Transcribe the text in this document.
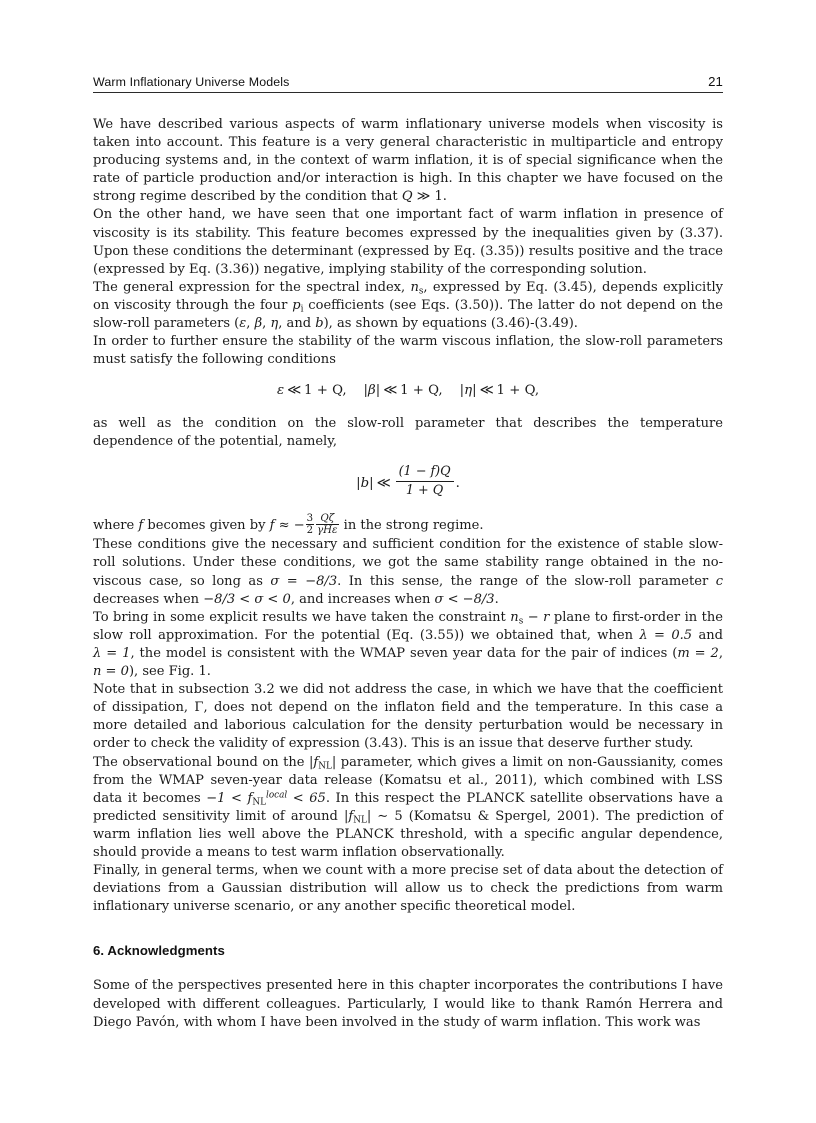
Warm Inflationary Universe Models	21

We have described various aspects of warm inflationary universe models when viscosity is taken into account. This feature is a very general characteristic in multiparticle and entropy producing systems and, in the context of warm inflation, it is of special significance when the rate of particle production and/or interaction is high. In this chapter we have focused on the strong regime described by the condition that Q ≫ 1.

On the other hand, we have seen that one important fact of warm inflation in presence of viscosity is its stability. This feature becomes expressed by the inequalities given by (3.37). Upon these conditions the determinant (expressed by Eq. (3.35)) results positive and the trace (expressed by Eq. (3.36)) negative, implying stability of the corresponding solution.

The general expression for the spectral index, $n_s$, expressed by Eq. (3.45), depends explicitly on viscosity through the four $p_i$ coefficients (see Eqs. (3.50)). The latter do not depend on the slow-roll parameters (ε, β, η, and b), as shown by equations (3.46)-(3.49).

In order to further ensure the stability of the warm viscous inflation, the slow-roll parameters must satisfy the following conditions

ε ≪ 1 + Q, |β| ≪ 1 + Q, |η| ≪ 1 + Q,

as well as the condition on the slow-roll parameter that describes the temperature dependence of the potential, namely,

|b| ≪ $\frac{(1 - f)Q}{1 + Q}$ .

where f becomes given by f ≈ − $\frac{3}{2} \frac{Q\zeta}{\text{γHε}}$ in the strong regime.

These conditions give the necessary and sufficient condition for the existence of stable slow-roll solutions. Under these conditions, we got the same stability range obtained in the no-viscous case, so long as σ = −8/3. In this sense, the range of the slow-roll parameter c decreases when −8/3 < σ < 0, and increases when σ < −8/3.

To bring in some explicit results we have taken the constraint $n_s - r$ plane to first-order in the slow roll approximation. For the potential (Eq. (3.55)) we obtained that, when λ = 0.5 and λ = 1, the model is consistent with the WMAP seven year data for the pair of indices (m = 2, n = 0), see Fig. 1.

Note that in subsection 3.2 we did not address the case, in which we have that the coefficient of dissipation, Γ, does not depend on the inflaton field and the temperature. In this case a more detailed and laborious calculation for the density perturbation would be necessary in order to check the validity of expression (3.43). This is an issue that deserve further study.

The observational bound on the $|f_{NL}|$ parameter, which gives a limit on non-Gaussianity, comes from the WMAP seven-year data release (Komatsu et al., 2011), which combined with LSS data it becomes $-1 < f_{NL}^{local} < 65$. In this respect the PLANCK satellite observations have a predicted sensitivity limit of around $|f_{NL}|$ ∼ 5 (Komatsu & Spergel, 2001). The prediction of warm inflation lies well above the PLANCK threshold, with a specific angular dependence, should provide a means to test warm inflation observationally.

Finally, in general terms, when we count with a more precise set of data about the detection of deviations from a Gaussian distribution will allow us to check the predictions from warm inflationary universe scenario, or any another specific theoretical model.

6. Acknowledgments

Some of the perspectives presented here in this chapter incorporates the contributions I have developed with different colleagues. Particularly, I would like to thank Ramón Herrera and Diego Pavón, with whom I have been involved in the study of warm inflation. This work was
